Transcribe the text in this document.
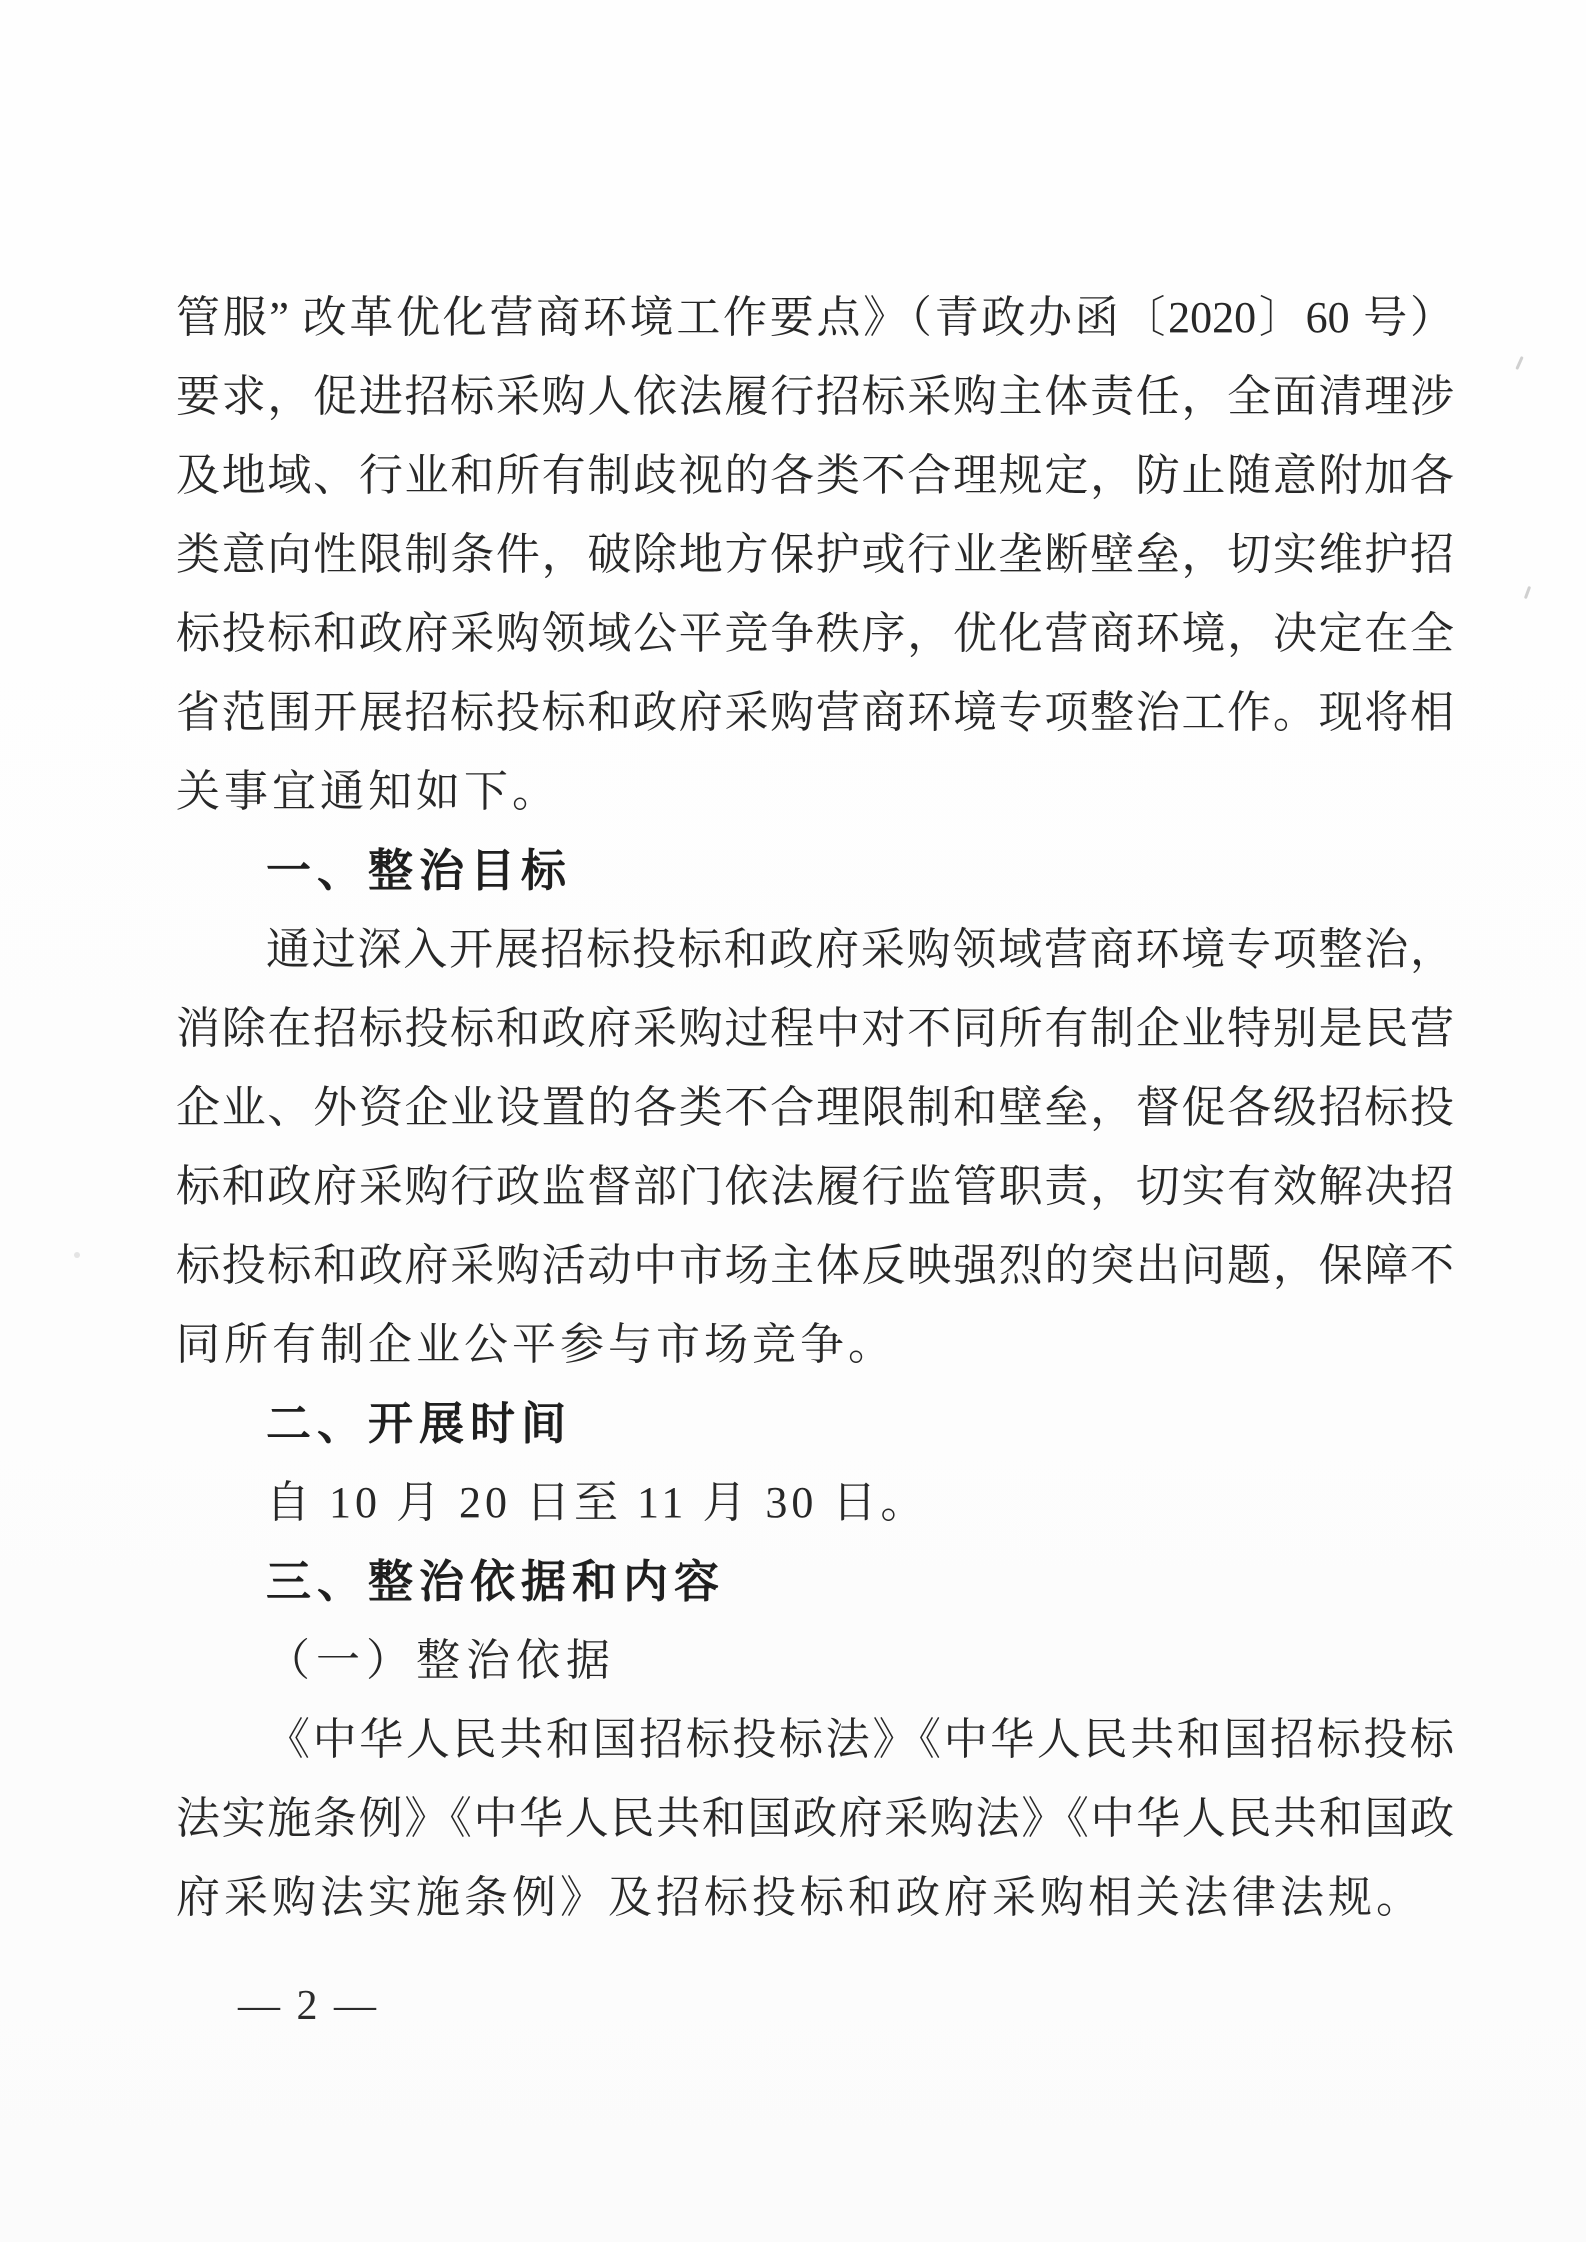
管服” 改革优化营商环境工作要点》（青政办函〔2020〕60 号）
要求，促进招标采购人依法履行招标采购主体责任，全面清理涉
及地域、行业和所有制歧视的各类不合理规定，防止随意附加各
类意向性限制条件，破除地方保护或行业垄断壁垒，切实维护招
标投标和政府采购领域公平竞争秩序，优化营商环境，决定在全
省范围开展招标投标和政府采购营商环境专项整治工作。现将相
关事宜通知如下。
一、整治目标
通过深入开展招标投标和政府采购领域营商环境专项整治，
消除在招标投标和政府采购过程中对不同所有制企业特别是民营
企业、外资企业设置的各类不合理限制和壁垒，督促各级招标投
标和政府采购行政监督部门依法履行监管职责，切实有效解决招
标投标和政府采购活动中市场主体反映强烈的突出问题，保障不
同所有制企业公平参与市场竞争。
二、开展时间
自 10 月 20 日至 11 月 30 日。
三、整治依据和内容
（一）整治依据
《中华人民共和国招标投标法》《中华人民共和国招标投标
法实施条例》《中华人民共和国政府采购法》《中华人民共和国政
府采购法实施条例》及招标投标和政府采购相关法律法规。
— 2 —
